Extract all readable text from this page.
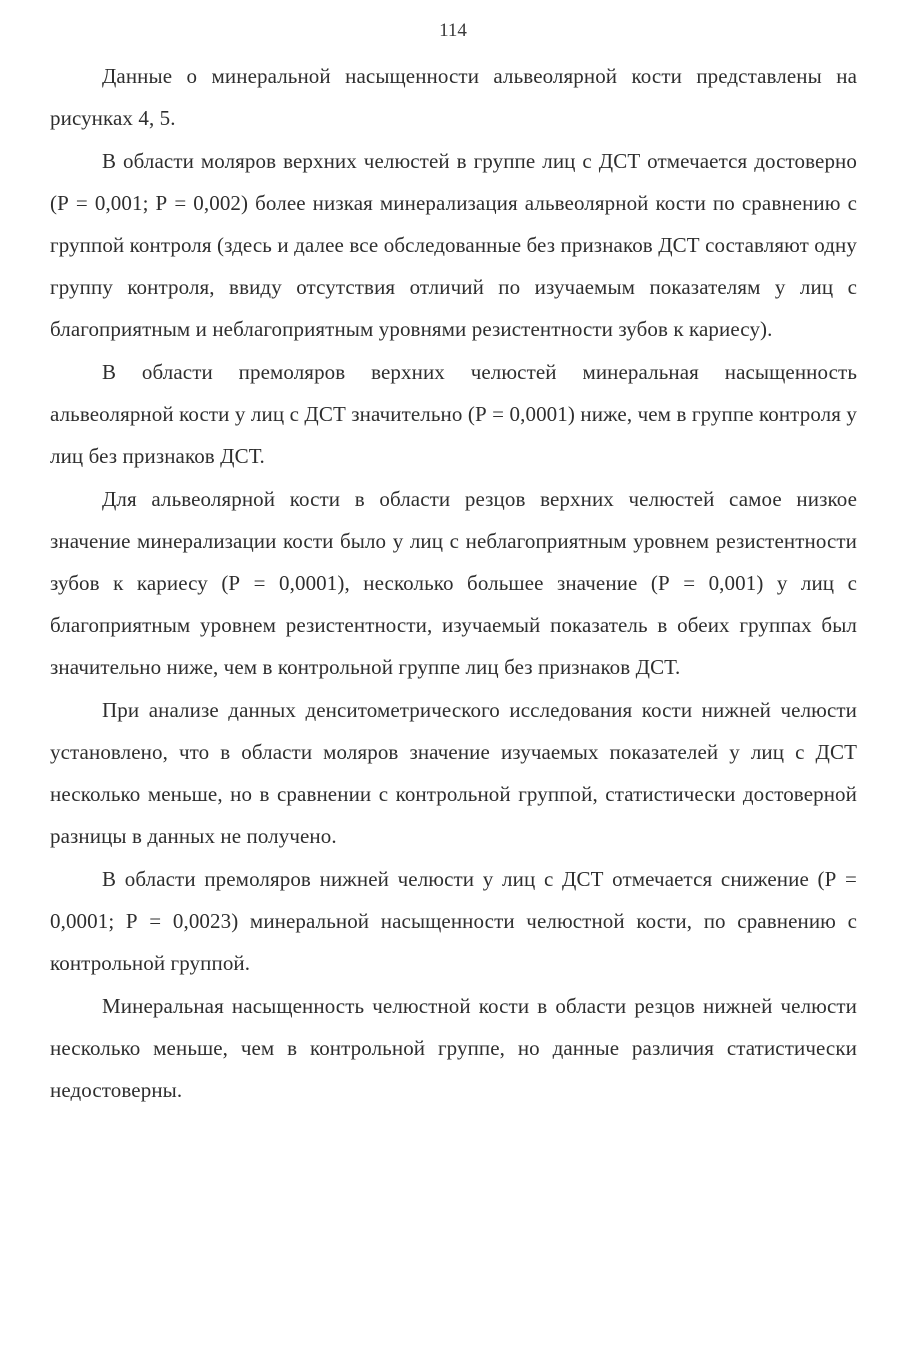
114

Данные о минеральной насыщенности альвеолярной кости представлены на рисунках 4, 5.

В области моляров верхних челюстей в группе лиц с ДСТ отмечается достоверно (Р = 0,001; Р = 0,002) более низкая минерализация альвеолярной кости по сравнению с группой контроля (здесь и далее все обследованные без признаков ДСТ составляют одну группу контроля, ввиду отсутствия отличий по изучаемым показателям у лиц с благоприятным и неблагоприятным уровнями резистентности зубов к кариесу).

В области премоляров верхних челюстей минеральная насыщенность альвеолярной кости у лиц с ДСТ значительно (Р = 0,0001) ниже, чем в группе контроля у лиц без признаков ДСТ.

Для альвеолярной кости в области резцов верхних челюстей самое низкое значение минерализации кости было у лиц с неблагоприятным уровнем резистентности зубов к кариесу (Р = 0,0001), несколько большее значение (Р = 0,001) у лиц с благоприятным уровнем резистентности, изучаемый показатель в обеих группах был значительно ниже, чем в контрольной группе лиц без признаков ДСТ.

При анализе данных денситометрического исследования кости нижней челюсти установлено, что в области моляров значение изучаемых показателей у лиц с ДСТ несколько меньше, но в сравнении с контрольной группой, статистически достоверной разницы в данных не получено.

В области премоляров нижней челюсти у лиц с ДСТ отмечается снижение (Р = 0,0001; Р = 0,0023) минеральной насыщенности челюстной кости, по сравнению с контрольной группой.

Минеральная насыщенность челюстной кости в области резцов нижней челюсти несколько меньше, чем в контрольной группе, но данные различия статистически недостоверны.
